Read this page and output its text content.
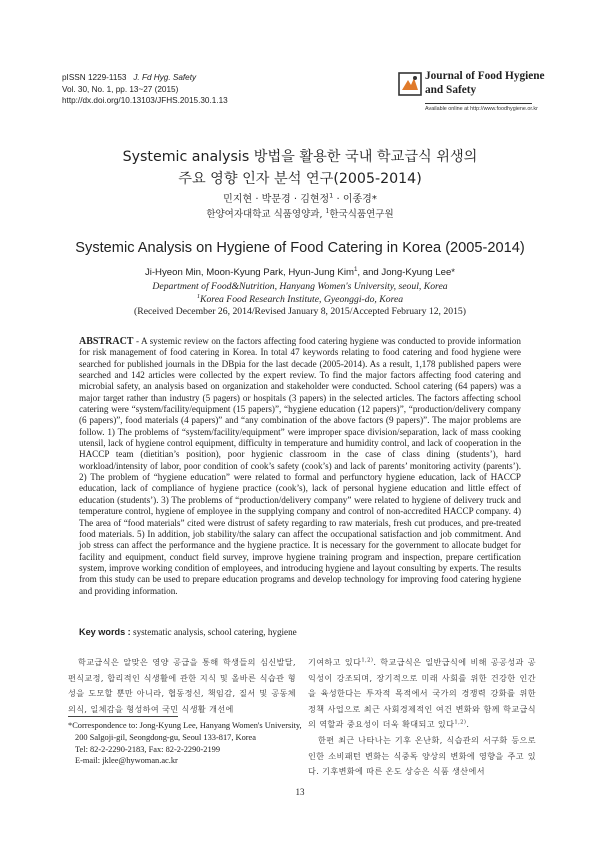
pISSN 1229-1153 J. Fd Hyg. Safety
Vol. 30, No. 1, pp. 13~27 (2015)
http://dx.doi.org/10.13103/JFHS.2015.30.1.13
Journal of Food Hygiene
and Safety
Available online at http://www.foodhygiene.or.kr
Systemic analysis 방법을 활용한 국내 학교급식 위생의
주요 영향 인자 분석 연구(2005-2014)
민지현 · 박문경 · 김현정$^1$ · 이종경*
한양여자대학교 식품영양과, $^1$한국식품연구원
Systemic Analysis on Hygiene of Food Catering in Korea (2005-2014)
Ji-Hyeon Min, Moon-Kyung Park, Hyun-Jung Kim$^1$, and Jong-Kyung Lee*
Department of Food&Nutrition, Hanyang Women's University, seoul, Korea
$^1$Korea Food Research Institute, Gyeonggi-do, Korea
(Received December 26, 2014/Revised January 8, 2015/Accepted February 12, 2015)
ABSTRACT - A systemic review on the factors affecting food catering hygiene was conducted to provide information for risk management of food catering in Korea. In total 47 keywords relating to food catering and food hygiene were searched for published journals in the DBpia for the last decade (2005-2014). As a result, 1,178 published papers were searched and 142 articles were collected by the expert review. To find the major factors affecting food catering and microbial safety, an analysis based on organization and stakeholder were conducted. School catering (64 papers) was a major target rather than industry (5 pagers) or hospitals (3 papers) in the selected articles. The factors affecting school catering were “system/facility/equipment (15 papers)”, “hygiene education (12 papers)”, “production/delivery company (6 papers)”, food materials (4 papers)” and “any combination of the above factors (9 papers)”. The major problems are follow. 1) The problems of “system/facility/equipment” were improper space division/separation, lack of mass cooking utensil, lack of hygiene control equipment, difficulty in temperature and humidity control, and lack of cooperation in the HACCP team (dietitian’s position), poor hygienic classroom in the case of class dining (students’), hard workload/intensity of labor, poor condition of cook’s safety (cook’s) and lack of parents’ monitoring activity (parents’). 2) The problem of “hygiene education” were related to formal and perfunctory hygiene education, lack of HACCP education, lack of compliance of hygiene practice (cook’s), lack of personal hygiene education and little effect of education (students’). 3) The problems of “production/delivery company” were related to hygiene of delivery truck and temperature control, hygiene of employee in the supplying company and control of non-accredited HACCP company. 4) The area of “food materials” cited were distrust of safety regarding to raw materials, fresh cut produces, and pre-treated food materials. 5) In addition, job stability/the salary can affect the occupational satisfaction and job commitment. And job stress can affect the performance and the hygiene practice. It is necessary for the government to allocate budget for facility and equipment, conduct field survey, improve hygiene training program and inspection, prepare certification system, improve working condition of employees, and introducing hygiene and layout consulting by experts. The results from this study can be used to prepare education programs and develop technology for improving food catering hygiene and providing information.
Key words : systematic analysis, school catering, hygiene
학교급식은 알맞은 영양 공급을 통해 학생들의 심신발달, 편식교정, 합리적인 식생활에 관한 지식 및 올바른 식습관 형성을 도모할 뿐만 아니라, 협동정신, 책임감, 질서 및 공동체 의식, 일체감을 형성하여 국민 식생활 개선에
기여하고 있다$^{1,2)}$. 학교급식은 일반급식에 비해 공공성과 공익성이 강조되며, 장기적으로 미래 사회를 위한 건강한 인간을 육성한다는 투자적 목적에서 국가의 경쟁력 강화를 위한 정책 사업으로 최근 사회경제적인 여건 변화와 함께 학교급식의 역할과 중요성이 더욱 확대되고 있다$^{1,2)}$.
한편 최근 나타나는 기후 온난화, 식습관의 서구화 등으로 인한 소비패턴 변화는 식중독 양상의 변화에 영향을 주고 있다. 기후변화에 따른 온도 상승은 식품 생산에서
*Correspondence to: Jong-Kyung Lee, Hanyang Women's University,
200 Salgoji-gil, Seongdong-gu, Seoul 133-817, Korea
Tel: 82-2-2290-2183, Fax: 82-2-2290-2199
E-mail: jklee@hywoman.ac.kr
13
